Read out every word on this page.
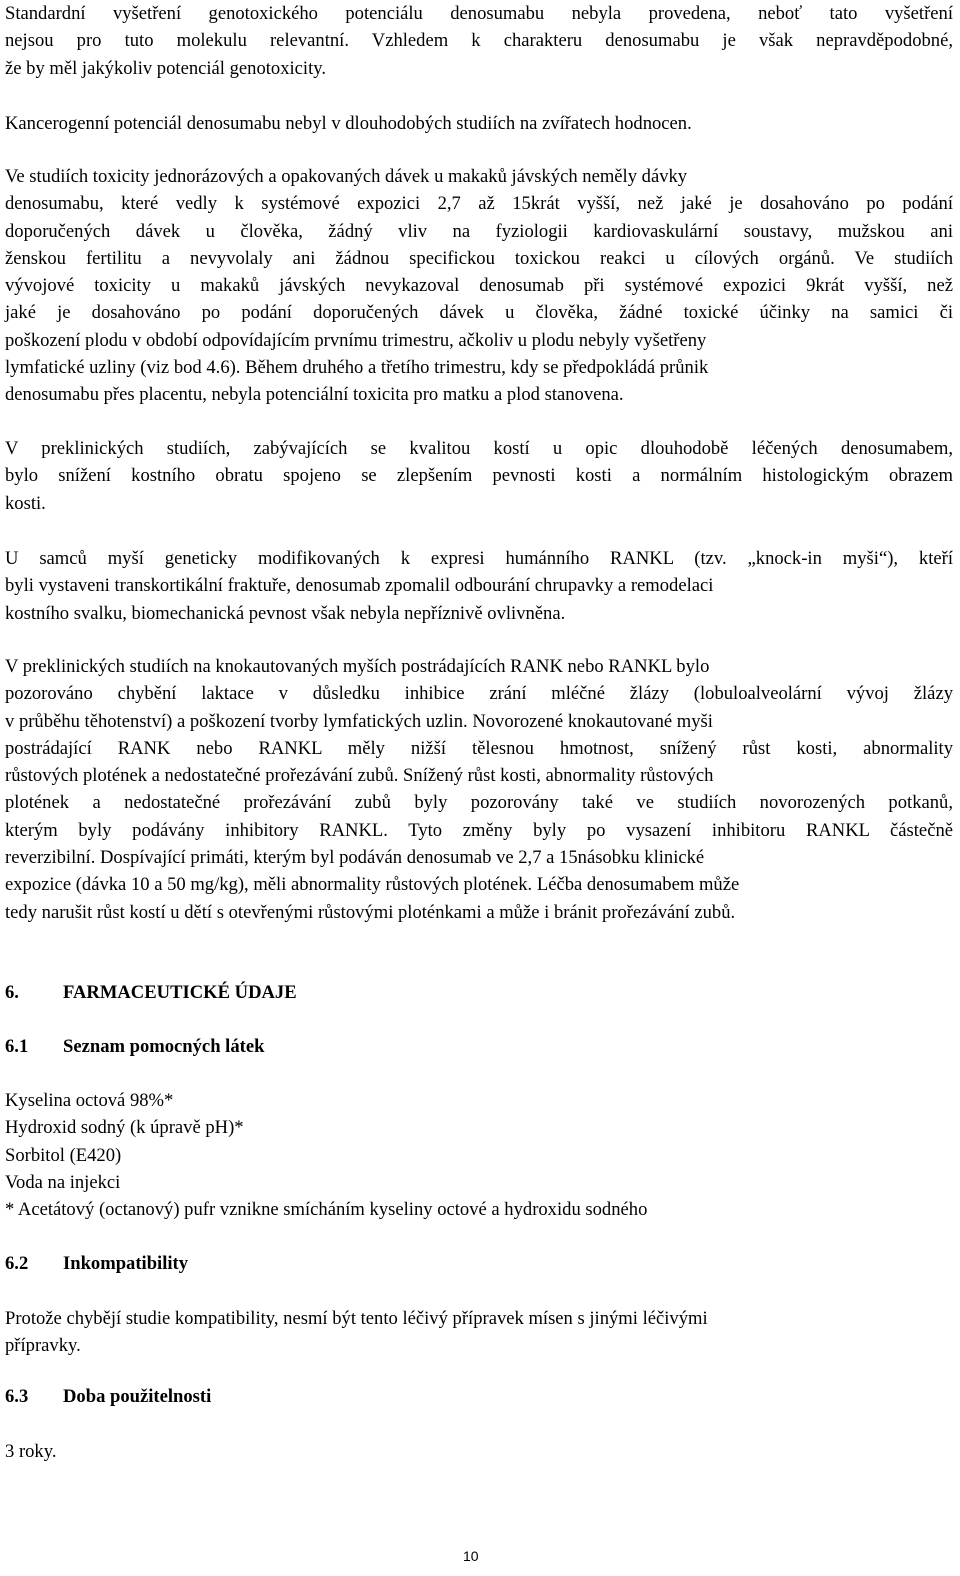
Standardní vyšetření genotoxického potenciálu denosumabu nebyla provedena, neboť tato vyšetření
nejsou pro tuto molekulu relevantní. Vzhledem k charakteru denosumabu je však nepravděpodobné,
že by měl jakýkoliv potenciál genotoxicity.

Kancerogenní potenciál denosumabu nebyl v dlouhodobých studiích na zvířatech hodnocen.

Ve studiích toxicity jednorázových a opakovaných dávek u makaků jávských neměly dávky
denosumabu, které vedly k systémové expozici 2,7 až 15krát vyšší, než jaké je dosahováno po podání
doporučených dávek u člověka, žádný vliv na fyziologii kardiovaskulární soustavy, mužskou ani
ženskou fertilitu a nevyvolaly ani žádnou specifickou toxickou reakci u cílových orgánů. Ve studiích
vývojové toxicity u makaků jávských nevykazoval denosumab při systémové expozici 9krát vyšší, než
jaké je dosahováno po podání doporučených dávek u člověka, žádné toxické účinky na samici či
poškození plodu v období odpovídajícím prvnímu trimestru, ačkoliv u plodu nebyly vyšetřeny
lymfatické uzliny (viz bod 4.6). Během druhého a třetího trimestru, kdy se předpokládá průnik
denosumabu přes placentu, nebyla potenciální toxicita pro matku a plod stanovena.

V preklinických studiích, zabývajících se kvalitou kostí u opic dlouhodobě léčených denosumabem,
bylo snížení kostního obratu spojeno se zlepšením pevnosti kosti a normálním histologickým obrazem
kosti.

U samců myší geneticky modifikovaných k expresi humánního RANKL (tzv. „knock-in myši“), kteří
byli vystaveni transkortikální fraktuře, denosumab zpomalil odbourání chrupavky a remodelaci
kostního svalku, biomechanická pevnost však nebyla nepříznivě ovlivněna.

V preklinických studiích na knokautovaných myších postrádajících RANK nebo RANKL bylo
pozorováno chybění laktace v důsledku inhibice zrání mléčné žlázy (lobuloalveolární vývoj žlázy
v průběhu těhotenství) a poškození tvorby lymfatických uzlin. Novorozené knokautované myši
postrádající RANK nebo RANKL měly nižší tělesnou hmotnost, snížený růst kosti, abnormality
růstových plotének a nedostatečné prořezávání zubů. Snížený růst kosti, abnormality růstových
plotének a nedostatečné prořezávání zubů byly pozorovány také ve studiích novorozených potkanů,
kterým byly podávány inhibitory RANKL. Tyto změny byly po vysazení inhibitoru RANKL částečně
reverzibilní. Dospívající primáti, kterým byl podáván denosumab ve 2,7 a 15násobku klinické
expozice (dávka 10 a 50 mg/kg), měli abnormality růstových plotének. Léčba denosumabem může
tedy narušit růst kostí u dětí s otevřenými růstovými ploténkami a může i bránit prořezávání zubů.

6. FARMACEUTICKÉ ÚDAJE
6.1 Seznam pomocných látek
Kyselina octová 98%*
Hydroxid sodný (k úpravě pH)*
Sorbitol (E420)
Voda na injekci
* Acetátový (octanový) pufr vznikne smícháním kyseliny octové a hydroxidu sodného
6.2 Inkompatibility

Protože chybějí studie kompatibility, nesmí být tento léčivý přípravek mísen s jinými léčivými
přípravky.

6.3 Doba použitelnosti

3 roky.

10
